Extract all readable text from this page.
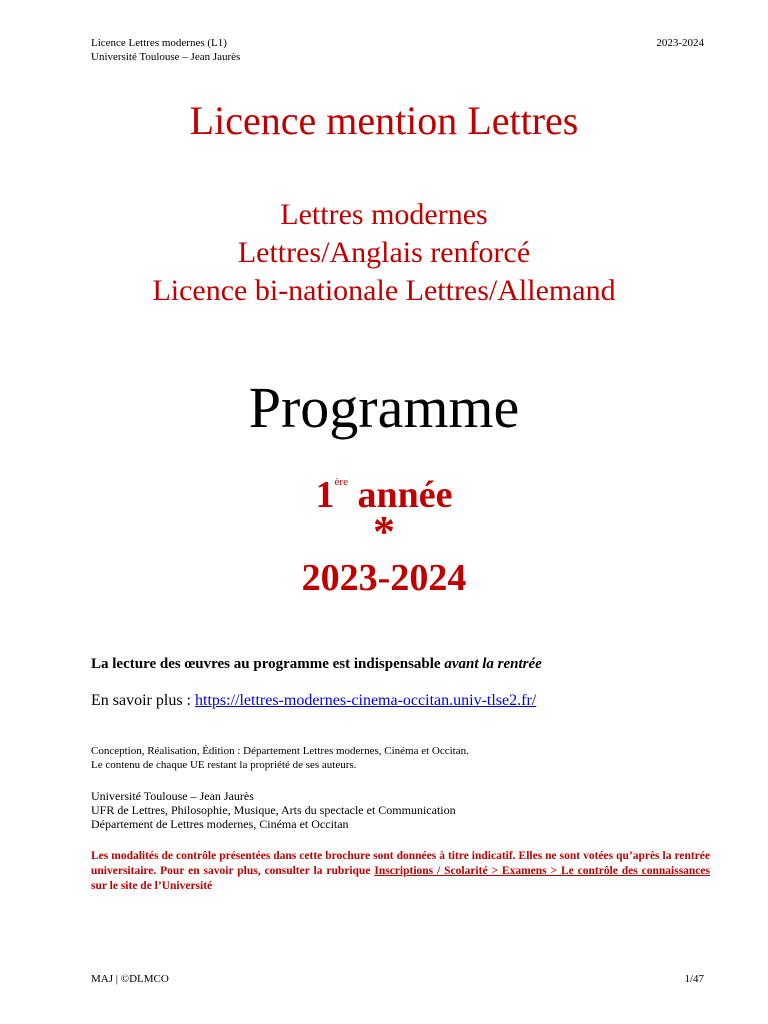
Licence Lettres modernes (L1)
Université Toulouse – Jean Jaurès
2023-2024
Licence mention Lettres
Lettres modernes
Lettres/Anglais renforcé
Licence bi-nationale Lettres/Allemand
Programme
1ère année
*
2023-2024
La lecture des œuvres au programme est indispensable avant la rentrée
En savoir plus : https://lettres-modernes-cinema-occitan.univ-tlse2.fr/
Conception, Réalisation, Édition : Département Lettres modernes, Cinéma et Occitan.
Le contenu de chaque UE restant la propriété de ses auteurs.
Université Toulouse – Jean Jaurès
UFR de Lettres, Philosophie, Musique, Arts du spectacle et Communication
Département de Lettres modernes, Cinéma et Occitan
Les modalités de contrôle présentées dans cette brochure sont données à titre indicatif. Elles ne sont votées qu’après la rentrée universitaire. Pour en savoir plus, consulter la rubrique Inscriptions / Scolarité > Examens > Le contrôle des connaissances sur le site de l’Université
MAJ | ©DLMCO	1/47
